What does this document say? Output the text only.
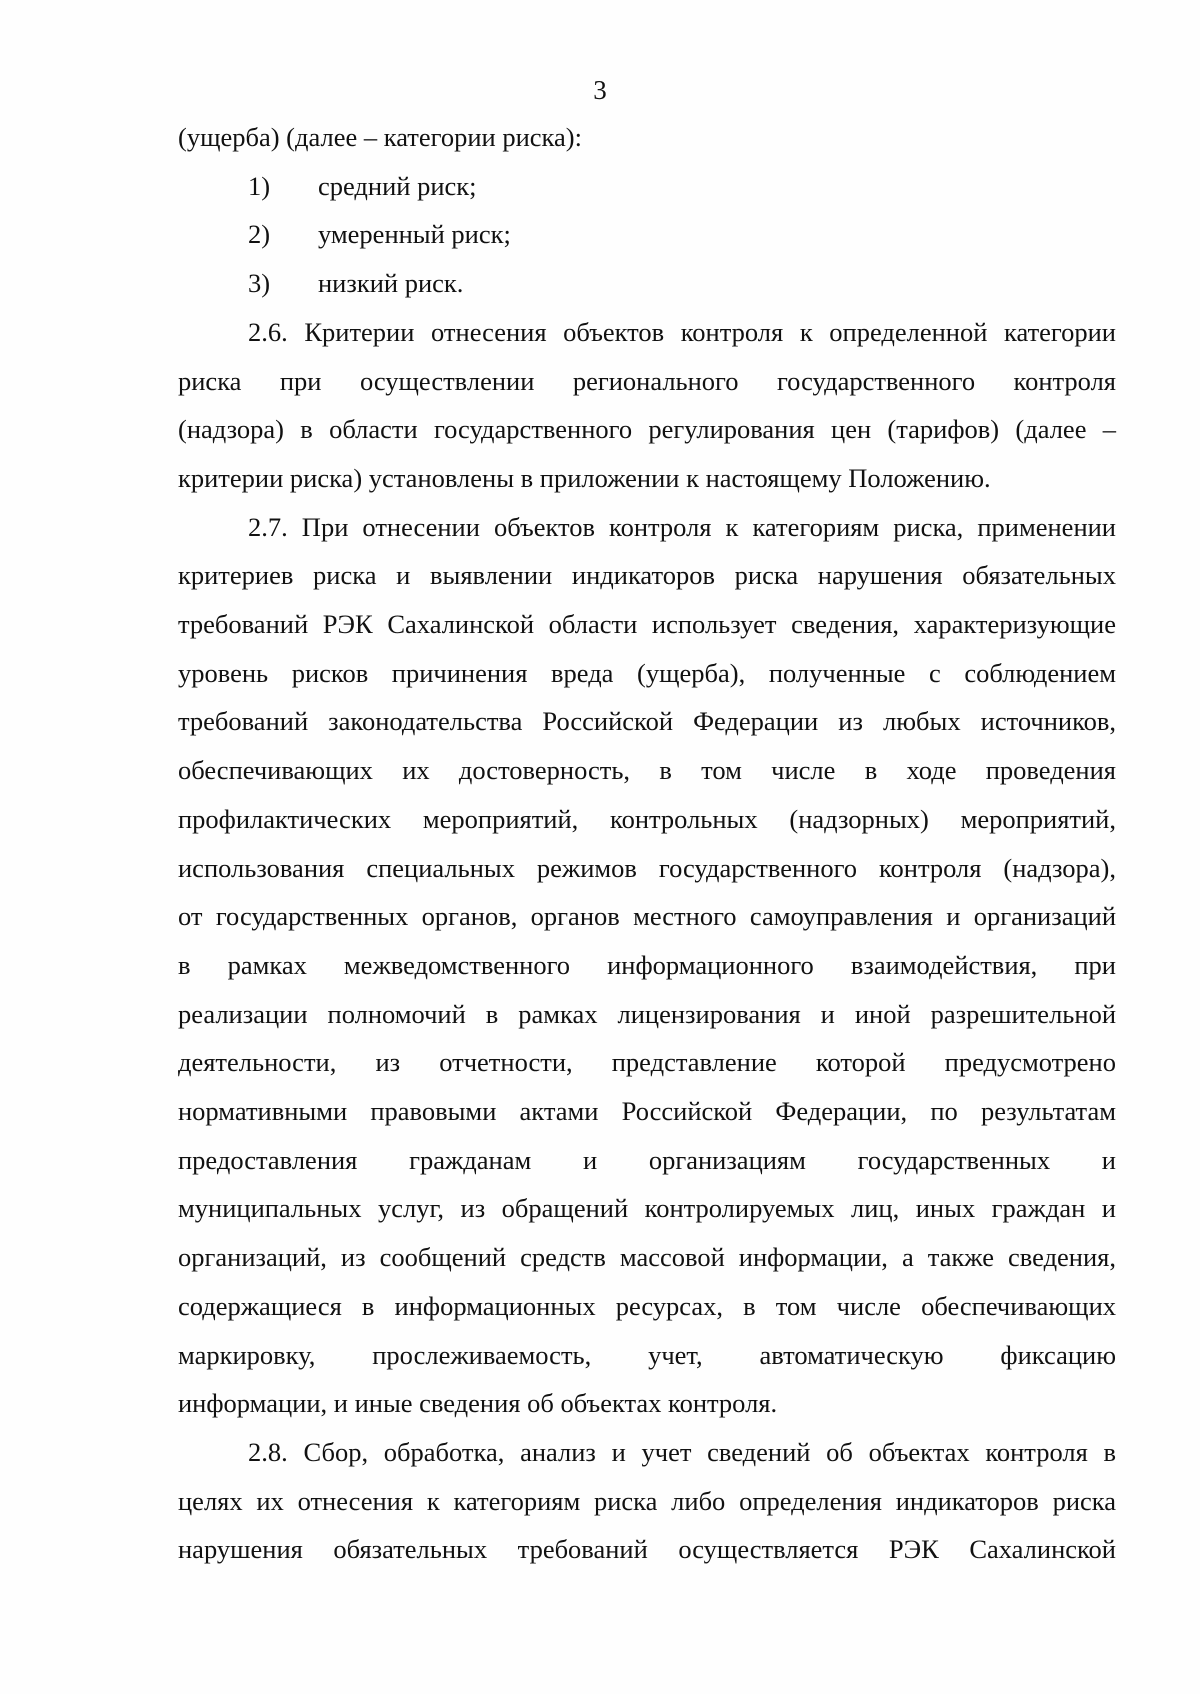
3

(ущерба) (далее – категории риска):

1) средний риск;
2) умеренный риск;
3) низкий риск.

2.6. Критерии отнесения объектов контроля к определенной категории
риска при осуществлении регионального государственного контроля
(надзора) в области государственного регулирования цен (тарифов) (далее –
критерии риска) установлены в приложении к настоящему Положению.

2.7. При отнесении объектов контроля к категориям риска, применении
критериев риска и выявлении индикаторов риска нарушения обязательных
требований РЭК Сахалинской области использует сведения, характеризующие
уровень рисков причинения вреда (ущерба), полученные с соблюдением
требований законодательства Российской Федерации из любых источников,
обеспечивающих их достоверность, в том числе в ходе проведения
профилактических мероприятий, контрольных (надзорных) мероприятий,
использования специальных режимов государственного контроля (надзора),
от государственных органов, органов местного самоуправления и организаций
в рамках межведомственного информационного взаимодействия, при
реализации полномочий в рамках лицензирования и иной разрешительной
деятельности, из отчетности, представление которой предусмотрено
нормативными правовыми актами Российской Федерации, по результатам
предоставления гражданам и организациям государственных и
муниципальных услуг, из обращений контролируемых лиц, иных граждан и
организаций, из сообщений средств массовой информации, а также сведения,
содержащиеся в информационных ресурсах, в том числе обеспечивающих
маркировку, прослеживаемость, учет, автоматическую фиксацию
информации, и иные сведения об объектах контроля.

2.8. Сбор, обработка, анализ и учет сведений об объектах контроля в
целях их отнесения к категориям риска либо определения индикаторов риска
нарушения обязательных требований осуществляется РЭК Сахалинской
